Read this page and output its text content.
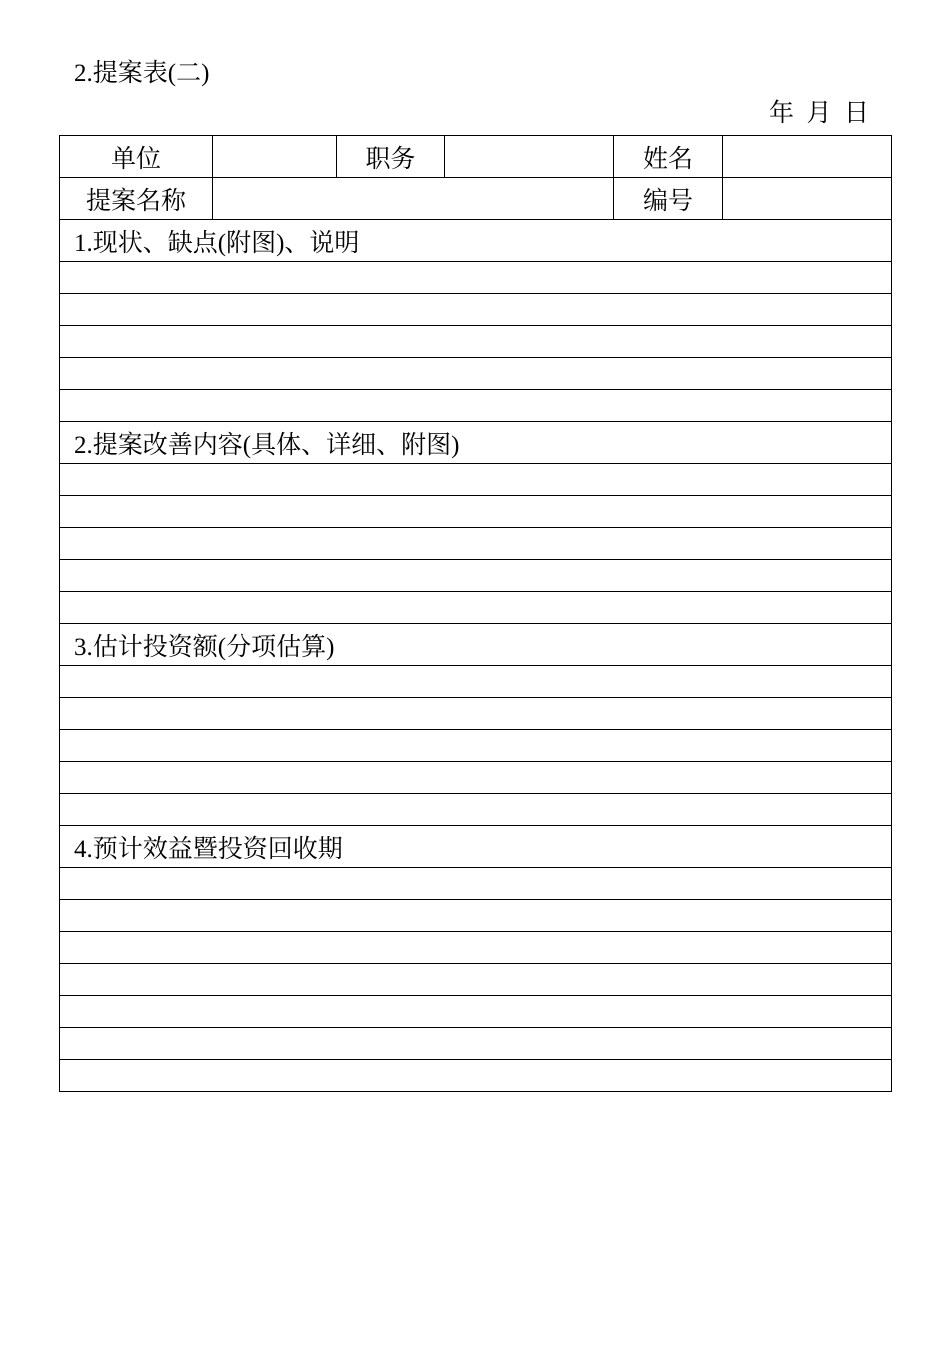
2.提案表(二)
年  月  日
单位		职务		姓名	
提案名称				编号	
1.现状、缺点(附图)、说明					

2.提案改善内容(具体、详细、附图)					

3.估计投资额(分项估算)					

4.预计效益暨投资回收期					
